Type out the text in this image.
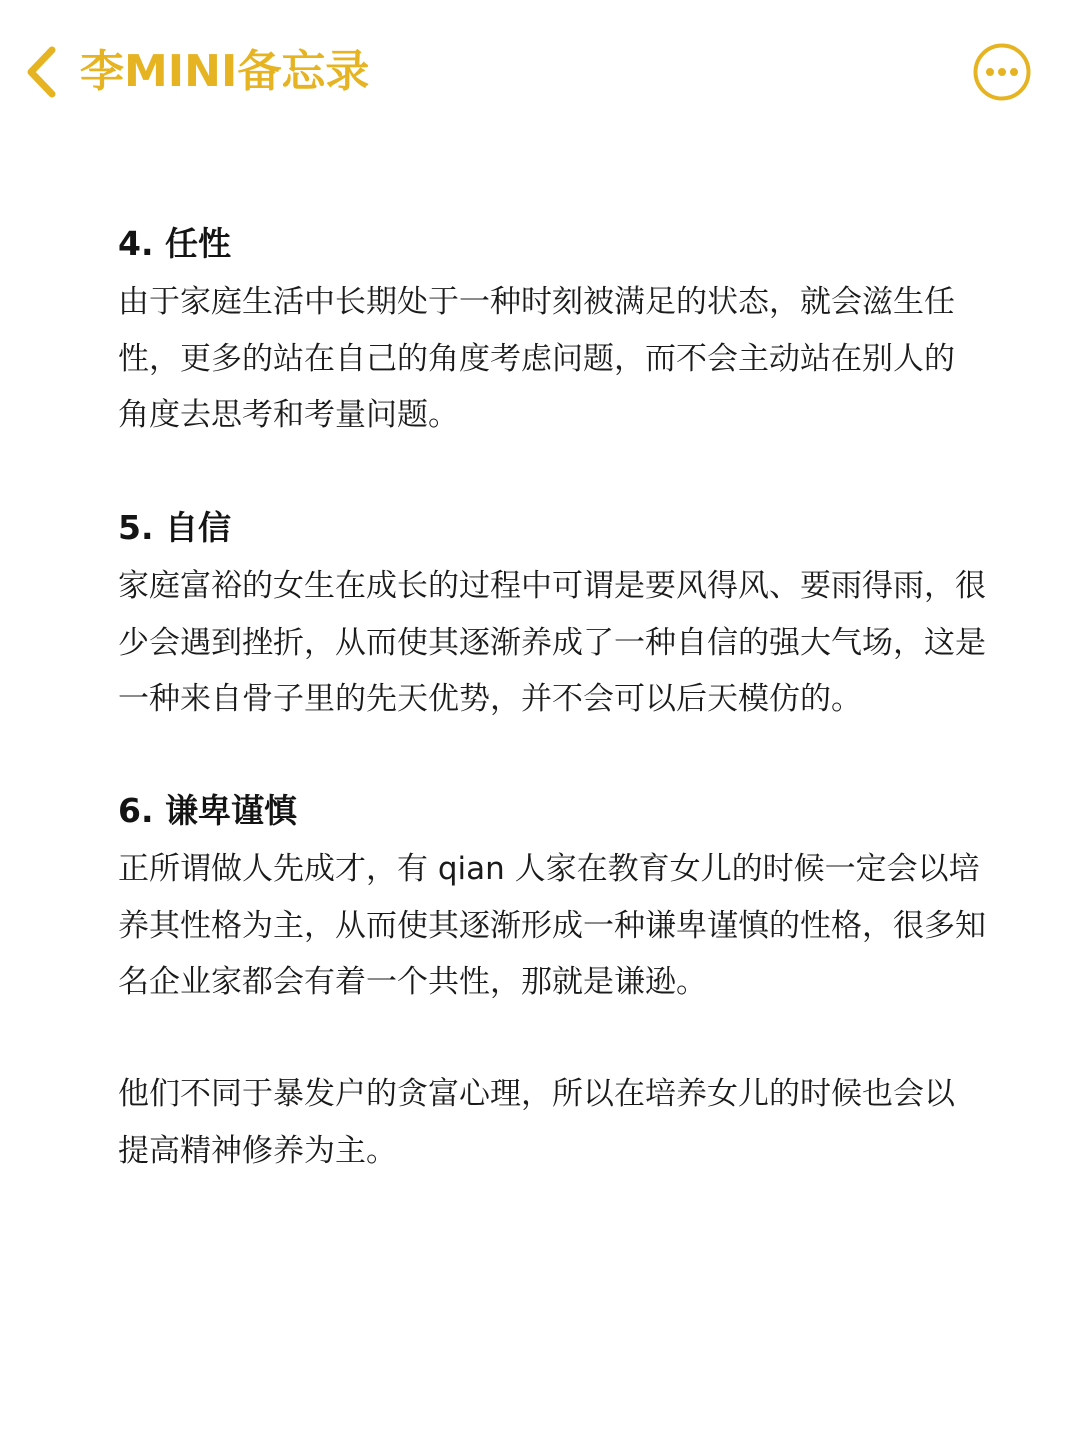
李MINI备忘录
4. 任性

由于家庭生活中长期处于一种时刻被满足的状态，就会滋生任性，更多的站在自己的角度考虑问题，而不会主动站在别人的角度去思考和考量问题。

5. 自信

家庭富裕的女生在成长的过程中可谓是要风得风、要雨得雨，很少会遇到挫折，从而使其逐渐养成了一种自信的强大气场，这是一种来自骨子里的先天优势，并不会可以后天模仿的。

6. 谦卑谨慎

正所谓做人先成才，有 qian 人家在教育女儿的时候一定会以培养其性格为主，从而使其逐渐形成一种谦卑谨慎的性格，很多知名企业家都会有着一个共性，那就是谦逊。

他们不同于暴发户的贪富心理，所以在培养女儿的时候也会以提高精神修养为主。
